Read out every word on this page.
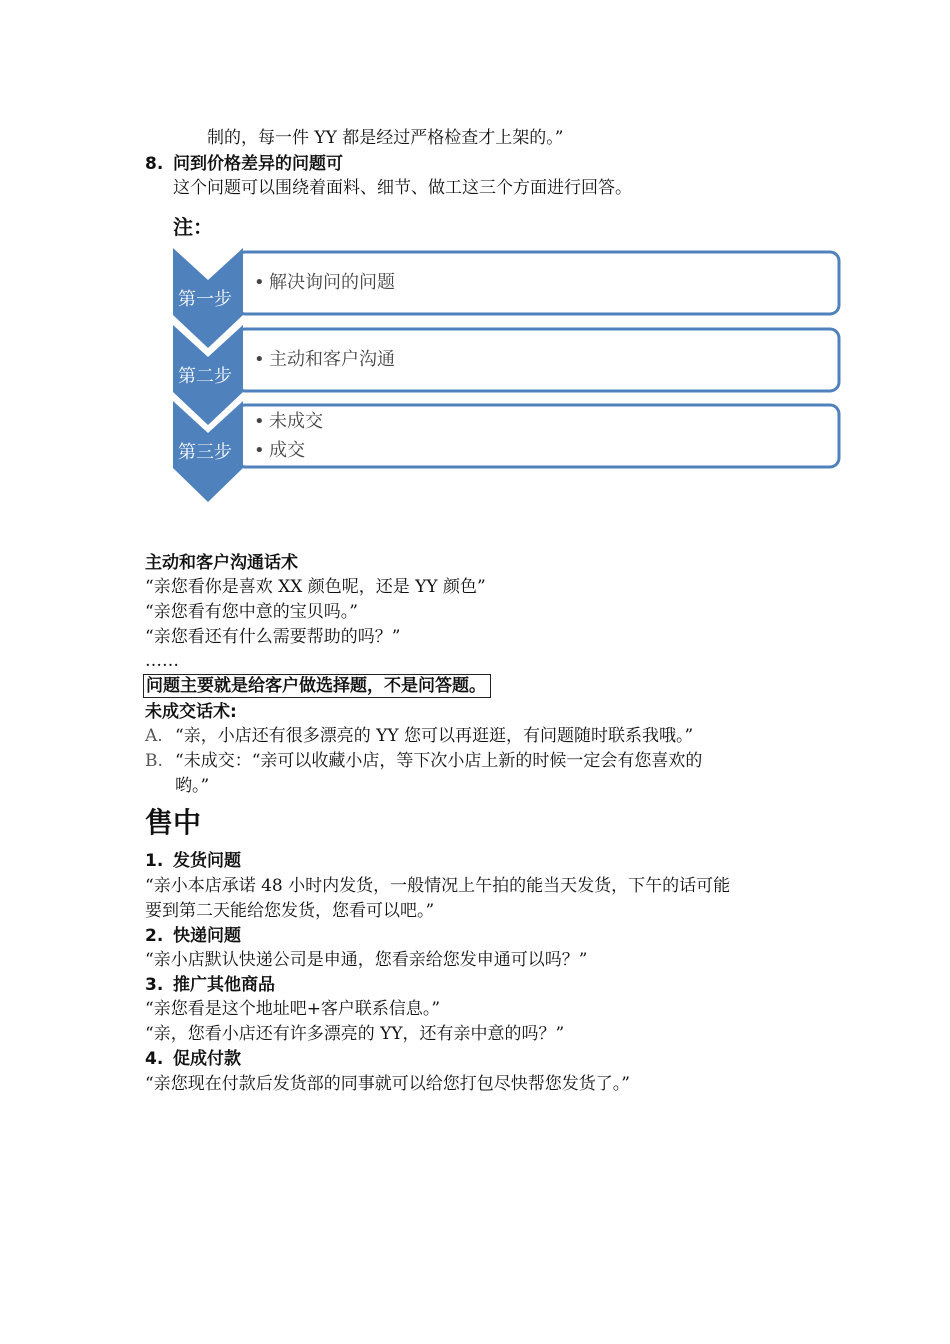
制的，每一件 YY 都是经过严格检查才上架的。”
8. 问到价格差异的问题可
这个问题可以围绕着面料、细节、做工这三个方面进行回答。
注：
第一步
第二步
第三步
• 解决询问的问题
• 主动和客户沟通
• 未成交
• 成交
主动和客户沟通话术
“亲您看你是喜欢 XX 颜色呢，还是 YY 颜色”
“亲您看有您中意的宝贝吗。”
“亲您看还有什么需要帮助的吗？”
……
问题主要就是给客户做选择题，不是问答题。
未成交话术:
A. “亲，小店还有很多漂亮的 YY 您可以再逛逛，有问题随时联系我哦。”
B. “未成交：“亲可以收藏小店，等下次小店上新的时候一定会有您喜欢的
哟。”
售中
1. 发货问题
“亲小本店承诺 48 小时内发货，一般情况上午拍的能当天发货，下午的话可能
要到第二天能给您发货，您看可以吧。”
2. 快递问题
“亲小店默认快递公司是申通，您看亲给您发申通可以吗？”
3. 推广其他商品
“亲您看是这个地址吧+客户联系信息。”
“亲，您看小店还有许多漂亮的 YY，还有亲中意的吗？”
4. 促成付款
“亲您现在付款后发货部的同事就可以给您打包尽快帮您发货了。”
